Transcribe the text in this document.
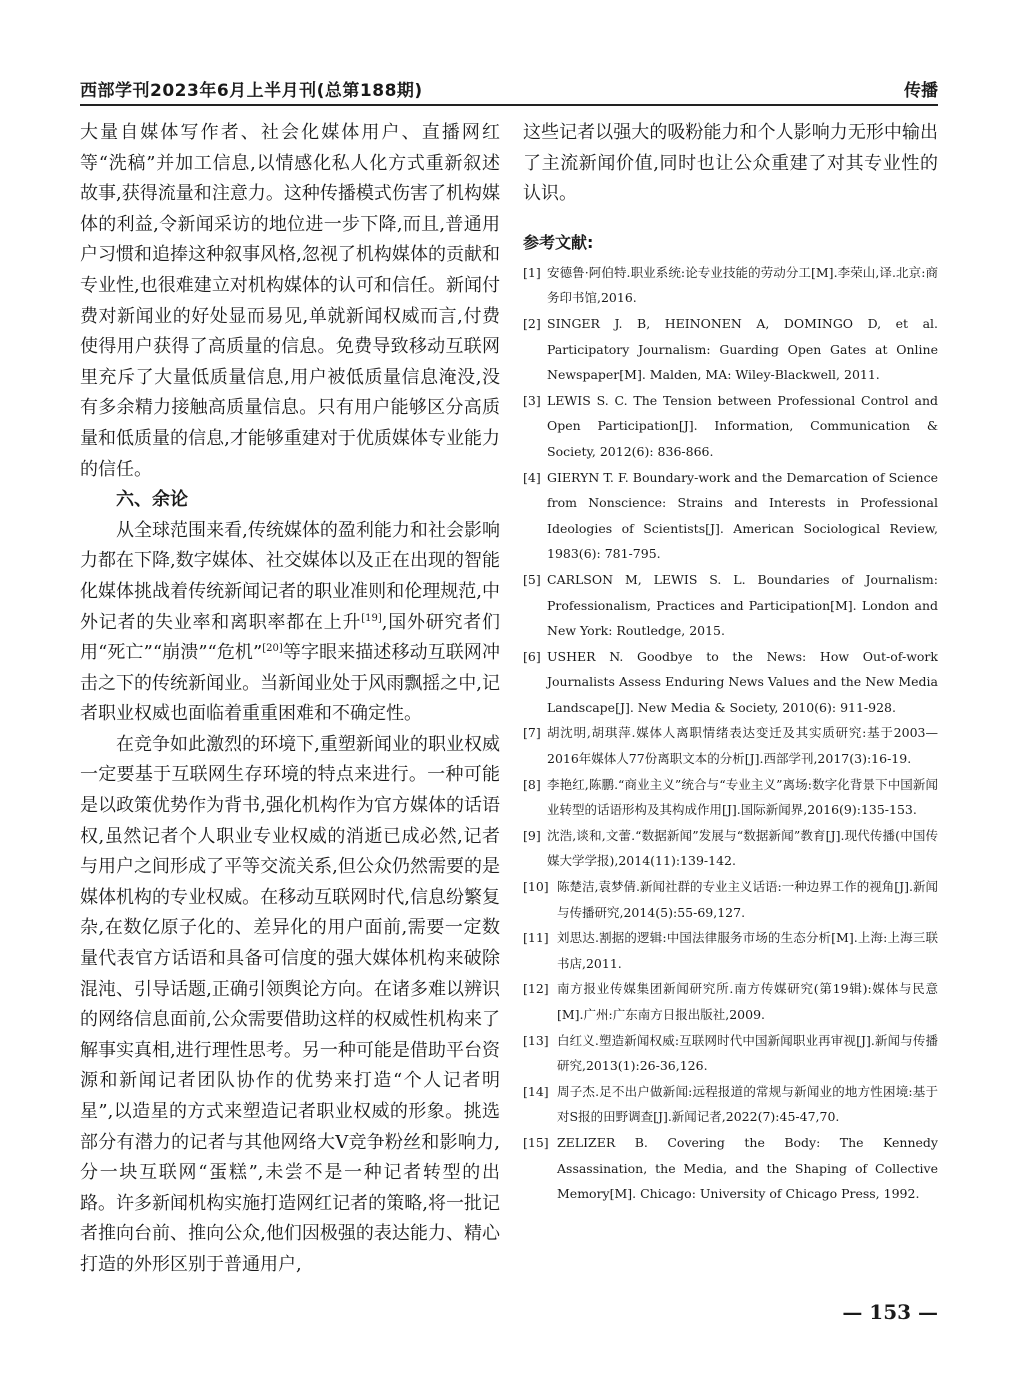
西部学刊2023年6月上半月刊(总第188期)	传播

大量自媒体写作者、社会化媒体用户、直播网红等“洗稿”并加工信息,以情感化私人化方式重新叙述故事,获得流量和注意力。这种传播模式伤害了机构媒体的利益,令新闻采访的地位进一步下降,而且,普通用户习惯和追捧这种叙事风格,忽视了机构媒体的贡献和专业性,也很难建立对机构媒体的认可和信任。新闻付费对新闻业的好处显而易见,单就新闻权威而言,付费使得用户获得了高质量的信息。免费导致移动互联网里充斥了大量低质量信息,用户被低质量信息淹没,没有多余精力接触高质量信息。只有用户能够区分高质量和低质量的信息,才能够重建对于优质媒体专业能力的信任。

六、余论

从全球范围来看,传统媒体的盈利能力和社会影响力都在下降,数字媒体、社交媒体以及正在出现的智能化媒体挑战着传统新闻记者的职业准则和伦理规范,中外记者的失业率和离职率都在上升[19],国外研究者们用“死亡”“崩溃”“危机”[20]等字眼来描述移动互联网冲击之下的传统新闻业。当新闻业处于风雨飘摇之中,记者职业权威也面临着重重困难和不确定性。

在竞争如此激烈的环境下,重塑新闻业的职业权威一定要基于互联网生存环境的特点来进行。一种可能是以政策优势作为背书,强化机构作为官方媒体的话语权,虽然记者个人职业专业权威的消逝已成必然,记者与用户之间形成了平等交流关系,但公众仍然需要的是媒体机构的专业权威。在移动互联网时代,信息纷繁复杂,在数亿原子化的、差异化的用户面前,需要一定数量代表官方话语和具备可信度的强大媒体机构来破除混沌、引导话题,正确引领舆论方向。在诸多难以辨识的网络信息面前,公众需要借助这样的权威性机构来了解事实真相,进行理性思考。另一种可能是借助平台资源和新闻记者团队协作的优势来打造“个人记者明星”,以造星的方式来塑造记者职业权威的形象。挑选部分有潜力的记者与其他网络大V竞争粉丝和影响力,分一块互联网“蛋糕”,未尝不是一种记者转型的出路。许多新闻机构实施打造网红记者的策略,将一批记者推向台前、推向公众,他们因极强的表达能力、精心打造的外形区别于普通用户,

这些记者以强大的吸粉能力和个人影响力无形中输出了主流新闻价值,同时也让公众重建了对其专业性的认识。

参考文献:
[1] 安德鲁·阿伯特.职业系统:论专业技能的劳动分工[M].李荣山,译.北京:商务印书馆,2016.
[2] SINGER J. B, HEINONEN A, DOMINGO D, et al. Participatory Journalism: Guarding Open Gates at Online Newspaper[M]. Malden, MA: Wiley-Blackwell, 2011.
[3] LEWIS S. C. The Tension between Professional Control and Open Participation[J]. Information, Communication & Society, 2012(6): 836-866.
[4] GIERYN T. F. Boundary-work and the Demarcation of Science from Nonscience: Strains and Interests in Professional Ideologies of Scientists[J]. American Sociological Review, 1983(6): 781-795.
[5] CARLSON M, LEWIS S. L. Boundaries of Journalism: Professionalism, Practices and Participation[M]. London and New York: Routledge, 2015.
[6] USHER N. Goodbye to the News: How Out-of-work Journalists Assess Enduring News Values and the New Media Landscape[J]. New Media & Society, 2010(6): 911-928.
[7] 胡沈明,胡琪萍.媒体人离职情绪表达变迁及其实质研究:基于2003—2016年媒体人77份离职文本的分析[J].西部学刊,2017(3):16-19.
[8] 李艳红,陈鹏.“商业主义”统合与“专业主义”离场:数字化背景下中国新闻业转型的话语形构及其构成作用[J].国际新闻界,2016(9):135-153.
[9] 沈浩,谈和,文蕾.“数据新闻”发展与“数据新闻”教育[J].现代传播(中国传媒大学学报),2014(11):139-142.
[10] 陈楚洁,袁梦倩.新闻社群的专业主义话语:一种边界工作的视角[J].新闻与传播研究,2014(5):55-69,127.
[11] 刘思达.割据的逻辑:中国法律服务市场的生态分析[M].上海:上海三联书店,2011.
[12] 南方报业传媒集团新闻研究所.南方传媒研究(第19辑):媒体与民意[M].广州:广东南方日报出版社,2009.
[13] 白红义.塑造新闻权威:互联网时代中国新闻职业再审视[J].新闻与传播研究,2013(1):26-36,126.
[14] 周子杰.足不出户做新闻:远程报道的常规与新闻业的地方性困境:基于对S报的田野调查[J].新闻记者,2022(7):45-47,70.
[15] ZELIZER B. Covering the Body: The Kennedy Assassination, the Media, and the Shaping of Collective Memory[M]. Chicago: University of Chicago Press, 1992.
— 153 —
